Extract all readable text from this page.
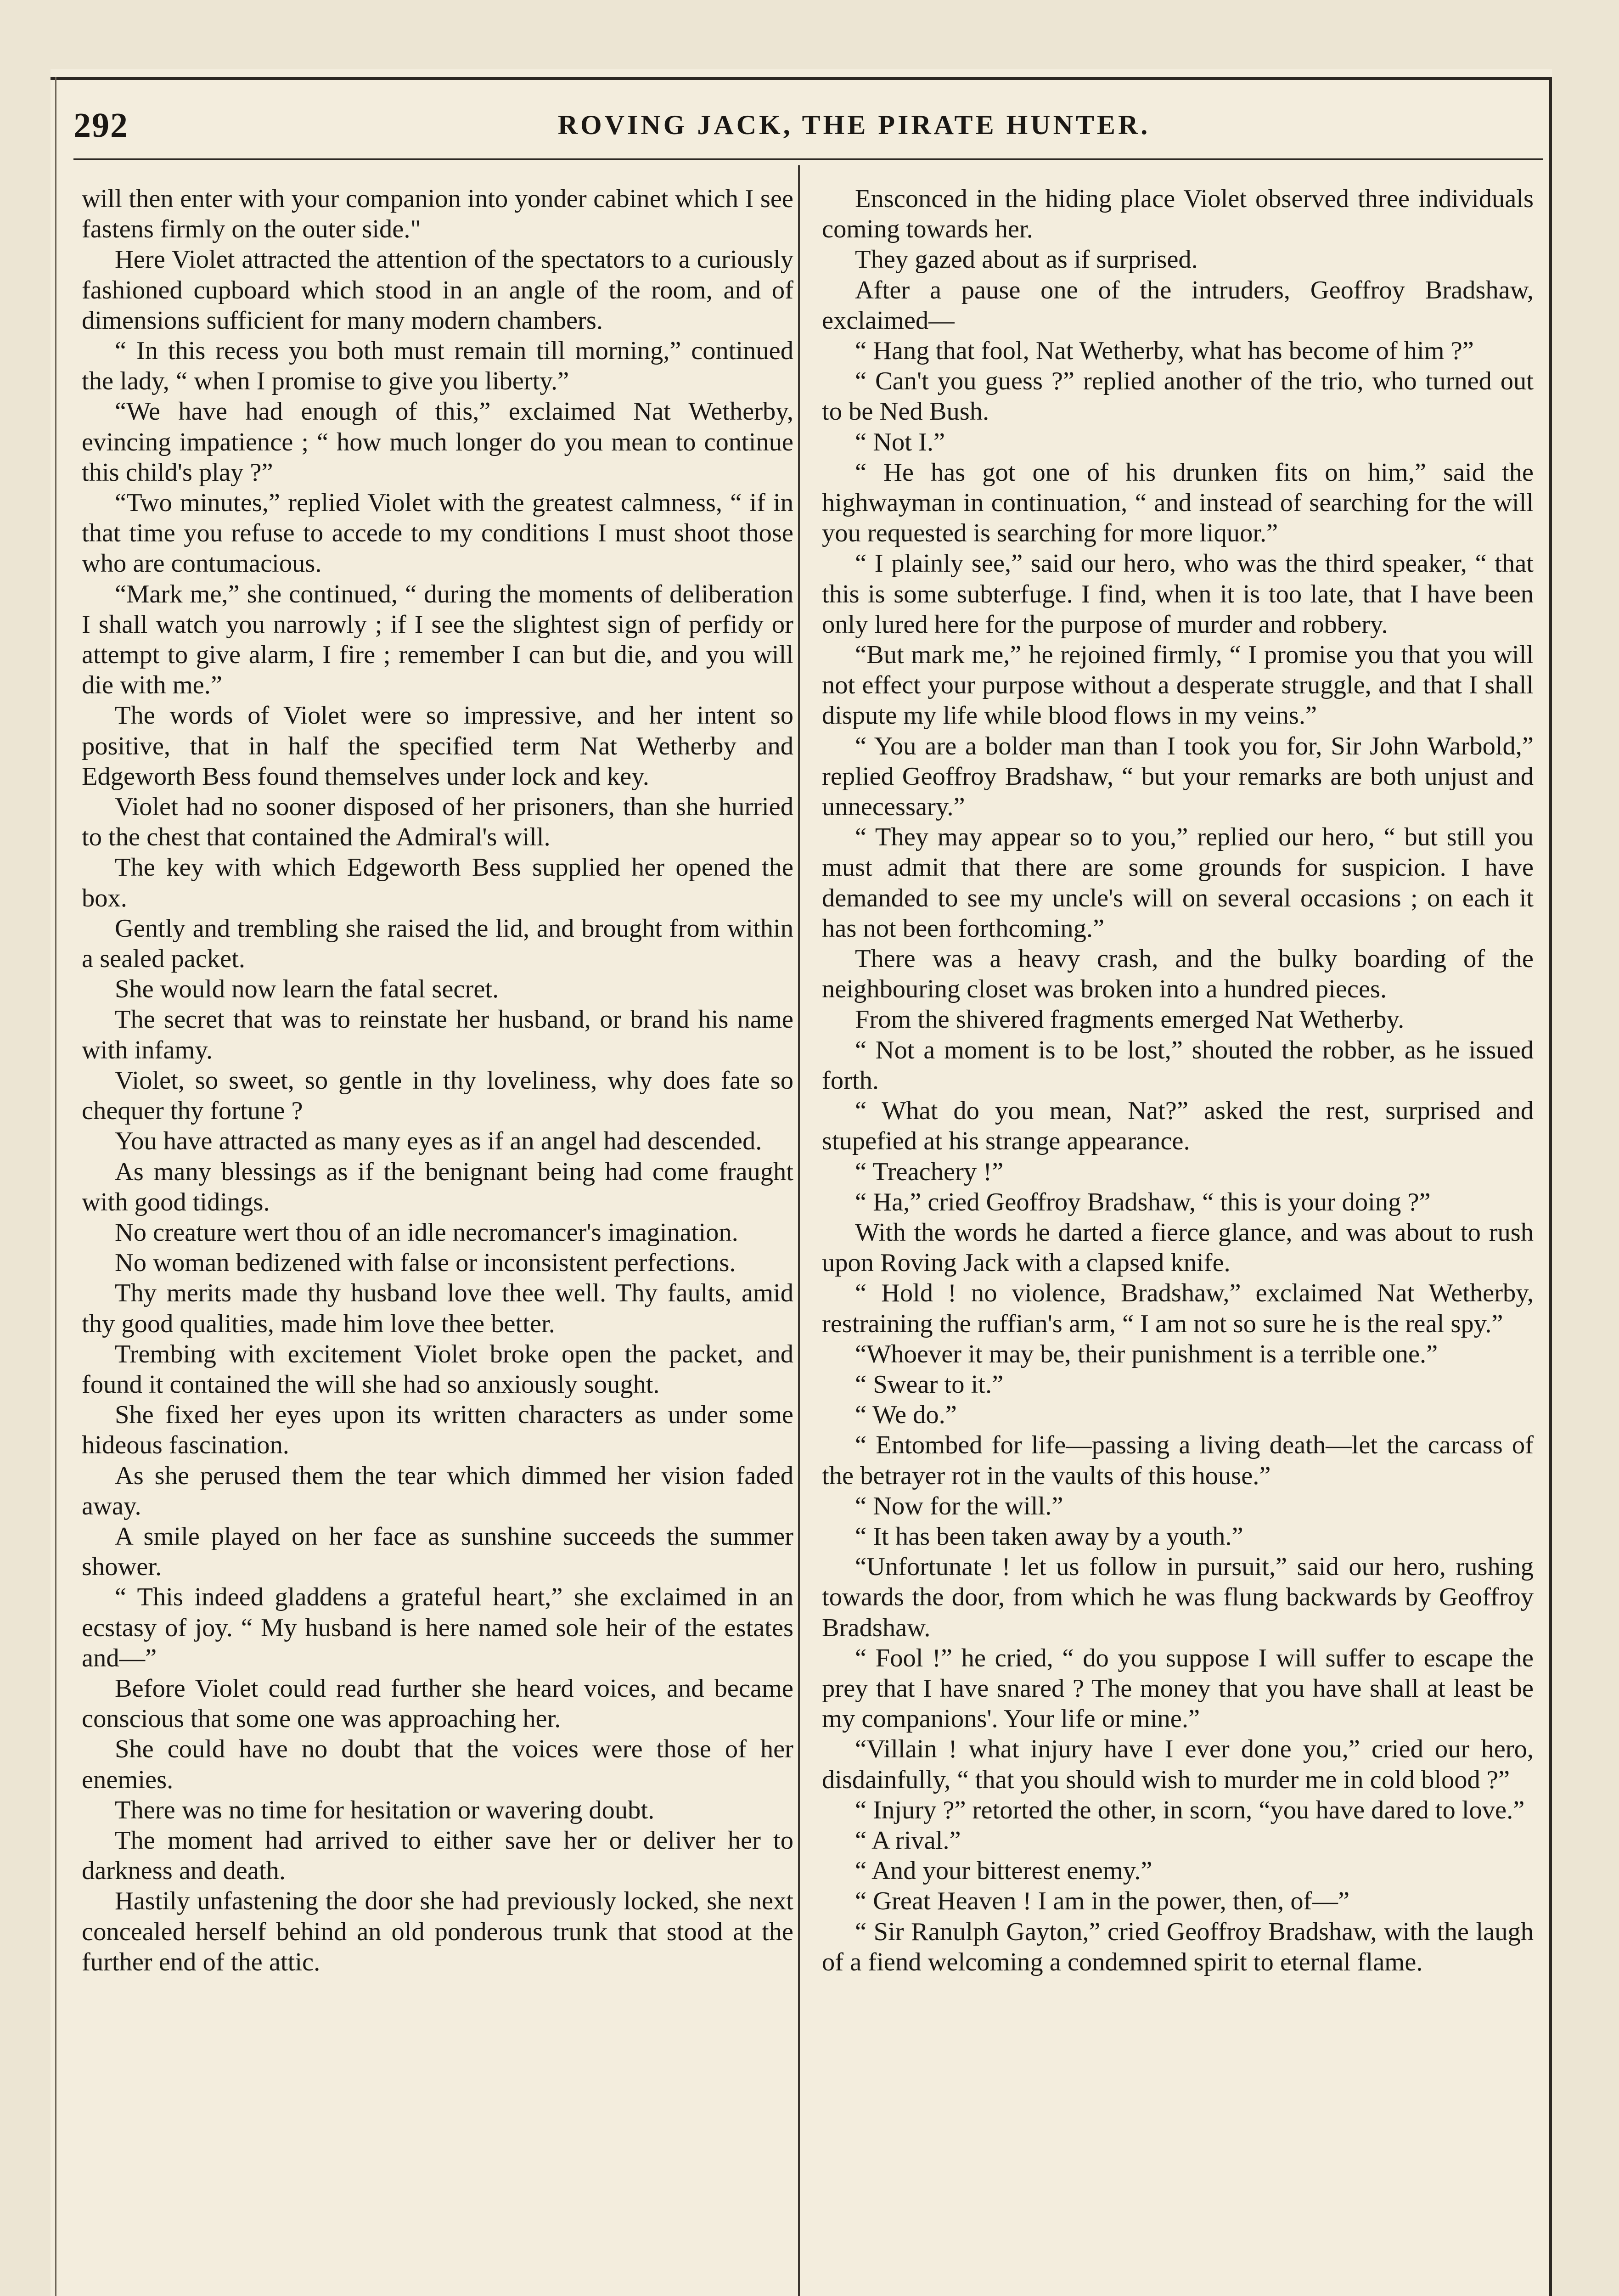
292	ROVING JACK, THE PIRATE HUNTER.

will then enter with your companion into yonder cabinet which I see fastens firmly on the outer side."

Here Violet attracted the attention of the spectators to a curiously fashioned cupboard which stood in an angle of the room, and of dimensions sufficient for many modern chambers.

“ In this recess you both must remain till morning,” continued the lady, “ when I promise to give you liberty.”

“We have had enough of this,” exclaimed Nat Wetherby, evincing impatience ; “ how much longer do you mean to continue this child's play ?”

“Two minutes,” replied Violet with the greatest calmness, “ if in that time you refuse to accede to my conditions I must shoot those who are contumacious.

“Mark me,” she continued, “ during the moments of deliberation I shall watch you narrowly ; if I see the slightest sign of perfidy or attempt to give alarm, I fire ; remember I can but die, and you will die with me.”

The words of Violet were so impressive, and her intent so positive, that in half the specified term Nat Wetherby and Edgeworth Bess found themselves under lock and key.

Violet had no sooner disposed of her prisoners, than she hurried to the chest that contained the Admiral's will.

The key with which Edgeworth Bess supplied her opened the box.

Gently and trembling she raised the lid, and brought from within a sealed packet.

She would now learn the fatal secret.

The secret that was to reinstate her husband, or brand his name with infamy.

Violet, so sweet, so gentle in thy loveliness, why does fate so chequer thy fortune ?

You have attracted as many eyes as if an angel had descended.

As many blessings as if the benignant being had come fraught with good tidings.

No creature wert thou of an idle necromancer's imagination.

No woman bedizened with false or inconsistent perfections.

Thy merits made thy husband love thee well. Thy faults, amid thy good qualities, made him love thee better.

Trembing with excitement Violet broke open the packet, and found it contained the will she had so anxiously sought.

She fixed her eyes upon its written characters as under some hideous fascination.

As she perused them the tear which dimmed her vision faded away.

A smile played on her face as sunshine succeeds the summer shower.

“ This indeed gladdens a grateful heart,” she exclaimed in an ecstasy of joy. “ My husband is here named sole heir of the estates and—”

Before Violet could read further she heard voices, and became conscious that some one was approaching her.

She could have no doubt that the voices were those of her enemies.

There was no time for hesitation or wavering doubt.

The moment had arrived to either save her or deliver her to darkness and death.

Hastily unfastening the door she had previously locked, she next concealed herself behind an old ponderous trunk that stood at the further end of the attic.

Ensconced in the hiding place Violet observed three individuals coming towards her.

They gazed about as if surprised.

After a pause one of the intruders, Geoffroy Bradshaw, exclaimed—

“ Hang that fool, Nat Wetherby, what has become of him ?”

“ Can't you guess ?” replied another of the trio, who turned out to be Ned Bush.

“ Not I.”

“ He has got one of his drunken fits on him,” said the highwayman in continuation, “ and instead of searching for the will you requested is searching for more liquor.”

“ I plainly see,” said our hero, who was the third speaker, “ that this is some subterfuge. I find, when it is too late, that I have been only lured here for the purpose of murder and robbery.

“But mark me,” he rejoined firmly, “ I promise you that you will not effect your purpose without a desperate struggle, and that I shall dispute my life while blood flows in my veins.”

“ You are a bolder man than I took you for, Sir John Warbold,” replied Geoffroy Bradshaw, “ but your remarks are both unjust and unnecessary.”

“ They may appear so to you,” replied our hero, “ but still you must admit that there are some grounds for suspicion. I have demanded to see my uncle's will on several occasions ; on each it has not been forthcoming.”

There was a heavy crash, and the bulky boarding of the neighbouring closet was broken into a hundred pieces.

From the shivered fragments emerged Nat Wetherby.

“ Not a moment is to be lost,” shouted the robber, as he issued forth.

“ What do you mean, Nat?” asked the rest, surprised and stupefied at his strange appearance.

“ Treachery !”

“ Ha,” cried Geoffroy Bradshaw, “ this is your doing ?”

With the words he darted a fierce glance, and was about to rush upon Roving Jack with a clapsed knife.

“ Hold ! no violence, Bradshaw,” exclaimed Nat Wetherby, restraining the ruffian's arm, “ I am not so sure he is the real spy.”

“Whoever it may be, their punishment is a terrible one.”

“ Swear to it.”

“ We do.”

“ Entombed for life—passing a living death—let the carcass of the betrayer rot in the vaults of this house.”

“ Now for the will.”

“ It has been taken away by a youth.”

“Unfortunate ! let us follow in pursuit,” said our hero, rushing towards the door, from which he was flung backwards by Geoffroy Bradshaw.

“ Fool !” he cried, “ do you suppose I will suffer to escape the prey that I have snared ? The money that you have shall at least be my companions'. Your life or mine.”

“Villain ! what injury have I ever done you,” cried our hero, disdainfully, “ that you should wish to murder me in cold blood ?”

“ Injury ?” retorted the other, in scorn, “you have dared to love.”

“ A rival.”

“ And your bitterest enemy.”

“ Great Heaven ! I am in the power, then, of—”

“ Sir Ranulph Gayton,” cried Geoffroy Bradshaw, with the laugh of a fiend welcoming a condemned spirit to eternal flame.
